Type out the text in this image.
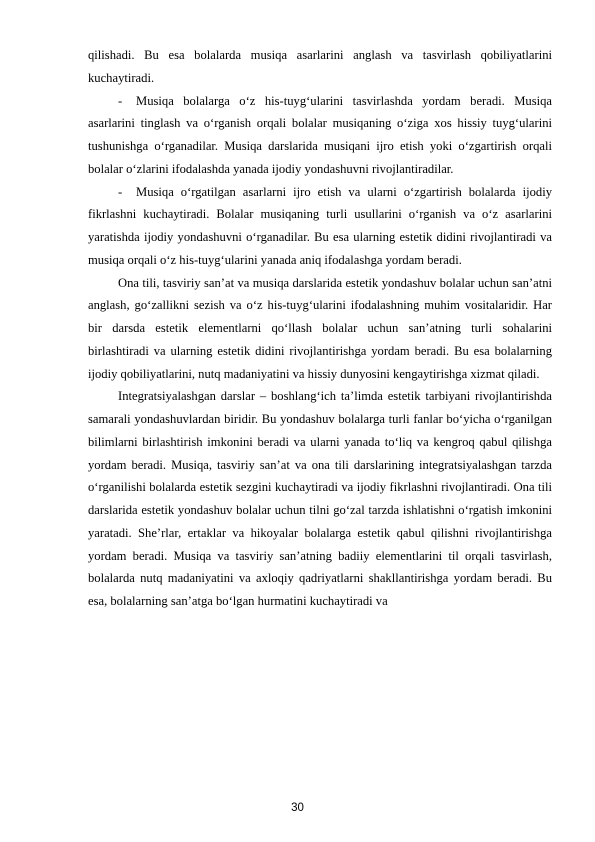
qilishadi. Bu esa bolalarda musiqa asarlarini anglash va tasvirlash qobiliyatlarini kuchaytiradi.

- Musiqa bolalarga o‘z his-tuyg‘ularini tasvirlashda yordam beradi. Musiqa asarlarini tinglash va o‘rganish orqali bolalar musiqaning o‘ziga xos hissiy tuyg‘ularini tushunishga o‘rganadilar. Musiqa darslarida musiqani ijro etish yoki o‘zgartirish orqali bolalar o‘zlarini ifodalashda yanada ijodiy yondashuvni rivojlantiradilar.

- Musiqa o‘rgatilgan asarlarni ijro etish va ularni o‘zgartirish bolalarda ijodiy fikrlashni kuchaytiradi. Bolalar musiqaning turli usullarini o‘rganish va o‘z asarlarini yaratishda ijodiy yondashuvni o‘rganadilar. Bu esa ularning estetik didini rivojlantiradi va musiqa orqali o‘z his-tuyg‘ularini yanada aniq ifodalashga yordam beradi.

Ona tili, tasviriy san’at va musiqa darslarida estetik yondashuv bolalar uchun san’atni anglash, go‘zallikni sezish va o‘z his-tuyg‘ularini ifodalashning muhim vositalaridir. Har bir darsda estetik elementlarni qo‘llash bolalar uchun san’atning turli sohalarini birlashtiradi va ularning estetik didini rivojlantirishga yordam beradi. Bu esa bolalarning ijodiy qobiliyatlarini, nutq madaniyatini va hissiy dunyosini kengaytirishga xizmat qiladi.

Integratsiyalashgan darslar – boshlang‘ich ta’limda estetik tarbiyani rivojlantirishda samarali yondashuvlardan biridir. Bu yondashuv bolalarga turli fanlar bo‘yicha o‘rganilgan bilimlarni birlashtirish imkonini beradi va ularni yanada to‘liq va kengroq qabul qilishga yordam beradi. Musiqa, tasviriy san’at va ona tili darslarining integratsiyalashgan tarzda o‘rganilishi bolalarda estetik sezgini kuchaytiradi va ijodiy fikrlashni rivojlantiradi. Ona tili darslarida estetik yondashuv bolalar uchun tilni go‘zal tarzda ishlatishni o‘rgatish imkonini yaratadi. She’rlar, ertaklar va hikoyalar bolalarga estetik qabul qilishni rivojlantirishga yordam beradi. Musiqa va tasviriy san’atning badiiy elementlarini til orqali tasvirlash, bolalarda nutq madaniyatini va axloqiy qadriyatlarni shakllantirishga yordam beradi. Bu esa, bolalarning san’atga bo‘lgan hurmatini kuchaytiradi va

30
